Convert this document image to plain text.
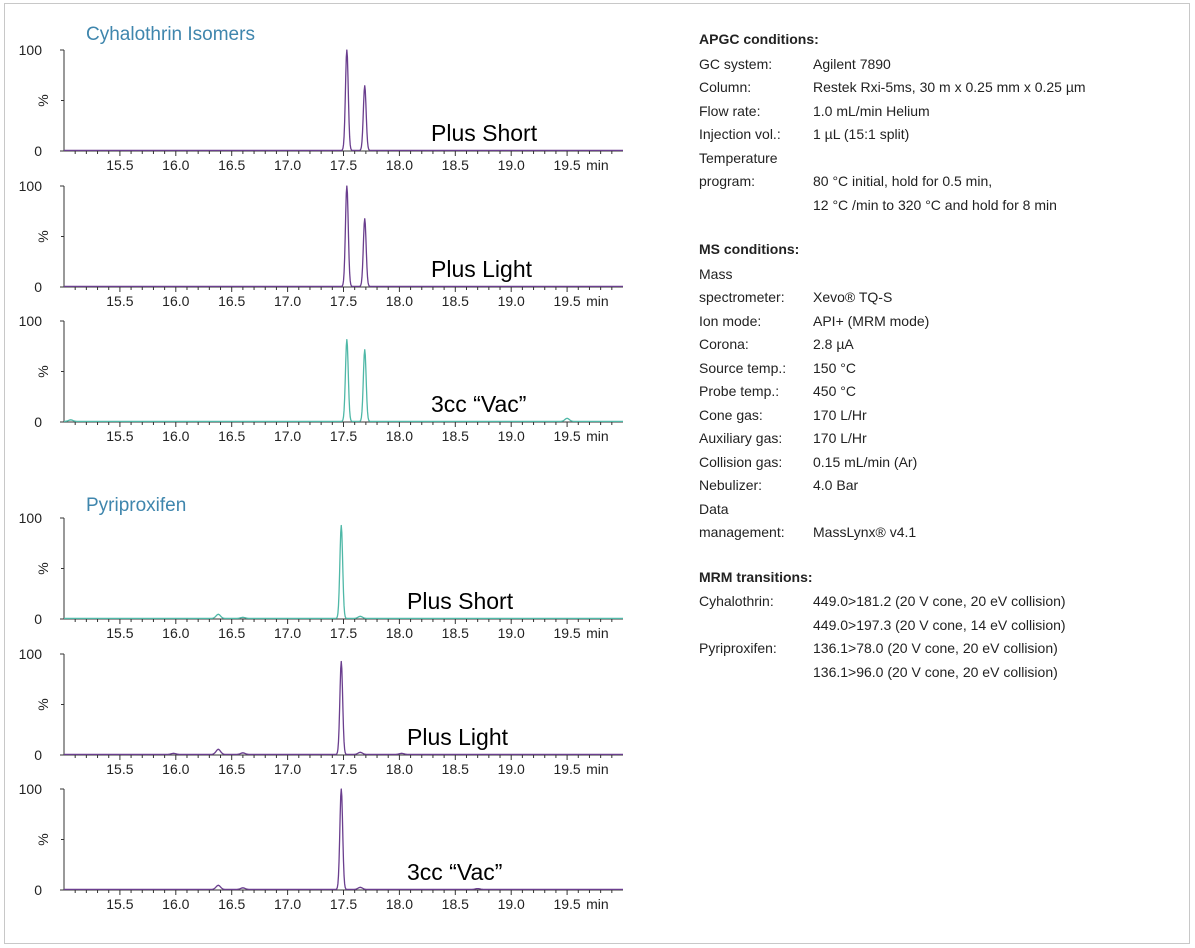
Cyhalothrin Isomers
Pyriproxifen
0
100
%
15.5 16.0 16.5 17.0 17.5 18.0 18.5 19.0 19.5 min
Plus Short
0
100
%
15.5 16.0 16.5 17.0 17.5 18.0 18.5 19.0 19.5 min
Plus Light
0
100
%
15.5 16.0 16.5 17.0 17.5 18.0 18.5 19.0 19.5 min
3cc “Vac”
0
100
%
15.5 16.0 16.5 17.0 17.5 18.0 18.5 19.0 19.5 min
Plus Short
0
100
%
15.5 16.0 16.5 17.0 17.5 18.0 18.5 19.0 19.5 min
Plus Light
0
100
%
15.5 16.0 16.5 17.0 17.5 18.0 18.5 19.0 19.5 min
3cc “Vac”
APGC conditions:
GC system:	Agilent 7890
Column:	Restek Rxi-5ms, 30 m x 0.25 mm x 0.25 µm
Flow rate:	1.0 mL/min Helium
Injection vol.:	1 µL (15:1 split)
Temperature
program:	80 °C initial, hold for 0.5 min,
12 °C /min to 320 °C and hold for 8 min
MS conditions:
Mass
spectrometer:	Xevo® TQ-S
Ion mode:	API+ (MRM mode)
Corona:	2.8 µA
Source temp.:	150 °C
Probe temp.:	450 °C
Cone gas:	170 L/Hr
Auxiliary gas:	170 L/Hr
Collision gas:	0.15 mL/min (Ar)
Nebulizer:	4.0 Bar
Data
management:	MassLynx® v4.1
MRM transitions:
Cyhalothrin:	449.0>181.2 (20 V cone, 20 eV collision)
449.0>197.3 (20 V cone, 14 eV collision)
Pyriproxifen:	136.1>78.0 (20 V cone, 20 eV collision)
136.1>96.0 (20 V cone, 20 eV collision)
